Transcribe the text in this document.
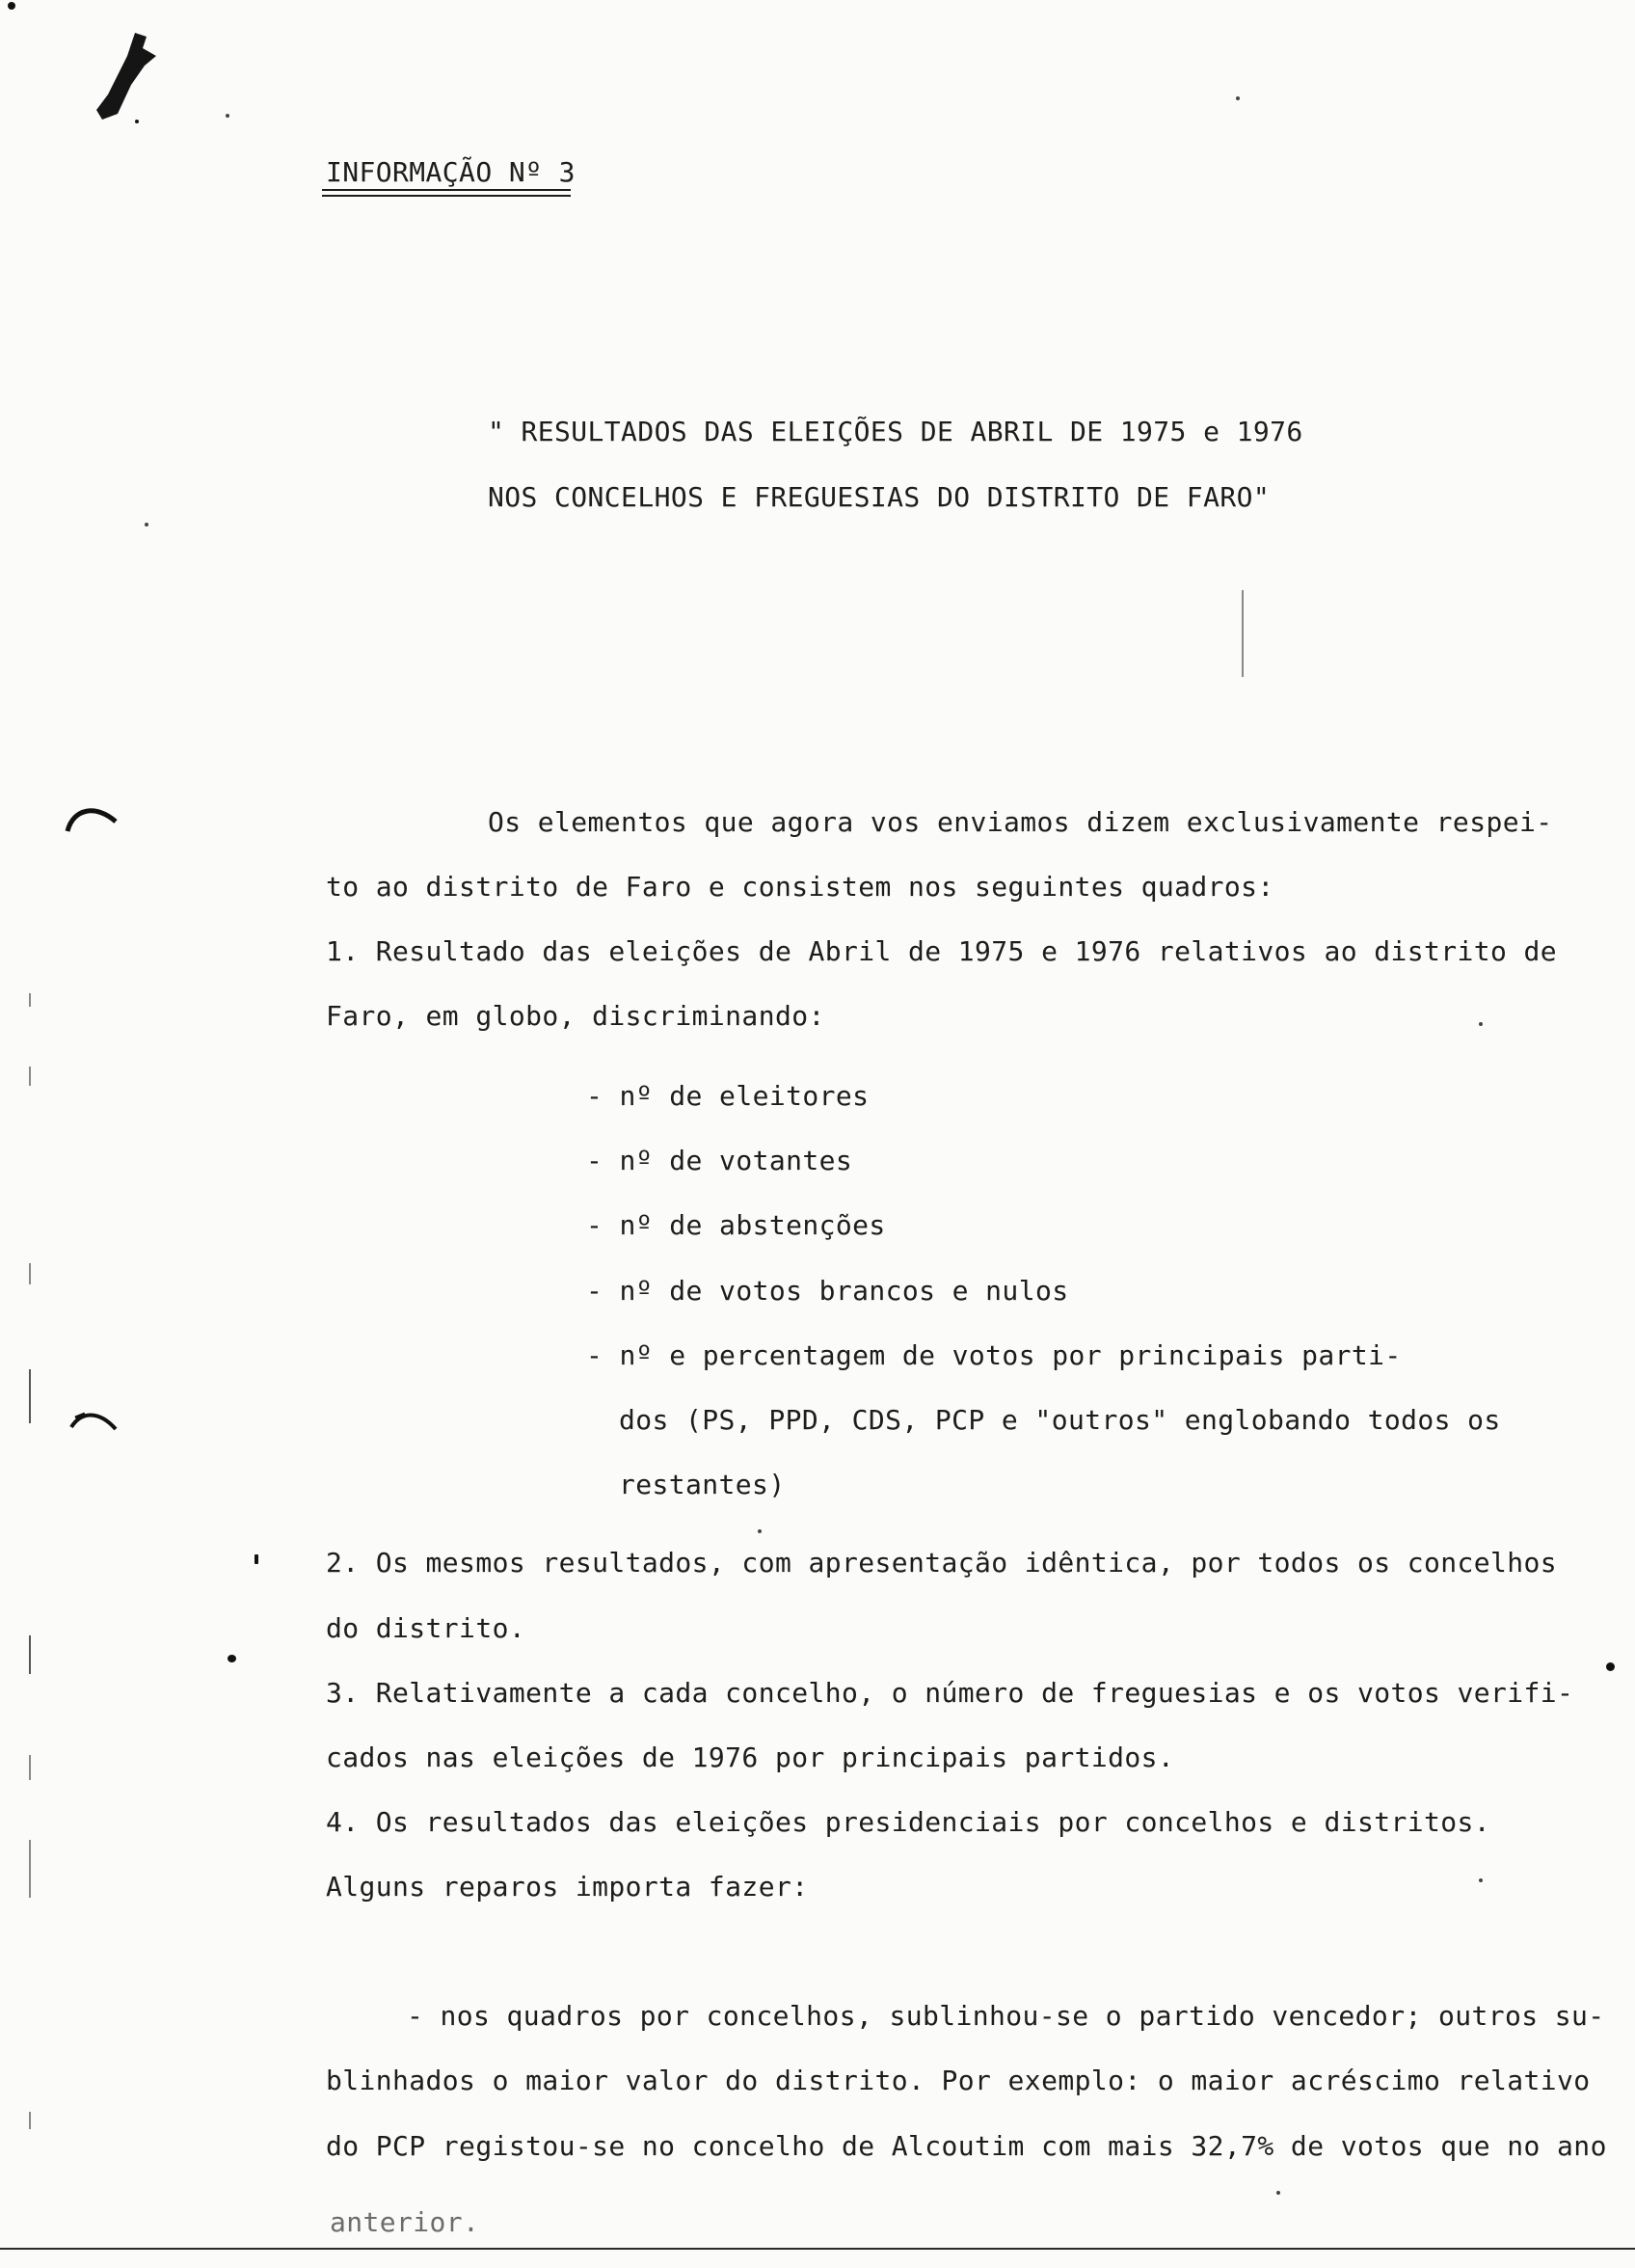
INFORMAÇÃO Nº 3
" RESULTADOS DAS ELEIÇÕES DE ABRIL DE 1975 e 1976
NOS CONCELHOS E FREGUESIAS DO DISTRITO DE FARO"
Os elementos que agora vos enviamos dizem exclusivamente respei-
to ao distrito de Faro e consistem nos seguintes quadros:
1. Resultado das eleições de Abril de 1975 e 1976 relativos ao distrito de
Faro, em globo, discriminando:
- nº de eleitores
- nº de votantes
- nº de abstenções
- nº de votos brancos e nulos
- nº e percentagem de votos por principais parti-
dos (PS, PPD, CDS, PCP e "outros" englobando todos os
restantes)
2. Os mesmos resultados, com apresentação idêntica, por todos os concelhos
do distrito.
3. Relativamente a cada concelho, o número de freguesias e os votos verifi-
cados nas eleições de 1976 por principais partidos.
4. Os resultados das eleições presidenciais por concelhos e distritos.
Alguns reparos importa fazer:
- nos quadros por concelhos, sublinhou-se o partido vencedor; outros su-
blinhados o maior valor do distrito. Por exemplo: o maior acréscimo relativo
do PCP registou-se no concelho de Alcoutim com mais 32,7% de votos que no ano
anterior.
